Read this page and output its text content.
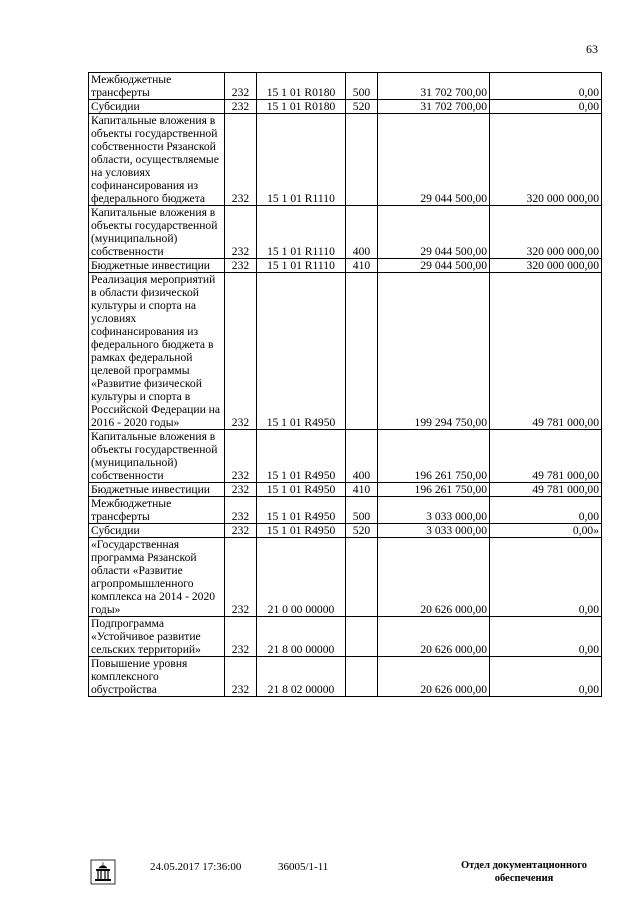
63
Межбюджетные трансферты	232	15 1 01 R0180	500	31 702 700,00	0,00
Субсидии	232	15 1 01 R0180	520	31 702 700,00	0,00
Капитальные вложения в объекты государственной собственности Рязанской области, осуществляемые на условиях софинансирования из федерального бюджета	232	15 1 01 R1110		29 044 500,00	320 000 000,00
Капитальные вложения в объекты государственной (муниципальной) собственности	232	15 1 01 R1110	400	29 044 500,00	320 000 000,00
Бюджетные инвестиции	232	15 1 01 R1110	410	29 044 500,00	320 000 000,00
Реализация мероприятий в области физической культуры и спорта на условиях софинансирования из федерального бюджета в рамках федеральной целевой программы «Развитие физической культуры и спорта в Российской Федерации на 2016 - 2020 годы»	232	15 1 01 R4950		199 294 750,00	49 781 000,00
Капитальные вложения в объекты государственной (муниципальной) собственности	232	15 1 01 R4950	400	196 261 750,00	49 781 000,00
Бюджетные инвестиции	232	15 1 01 R4950	410	196 261 750,00	49 781 000,00
Межбюджетные трансферты	232	15 1 01 R4950	500	3 033 000,00	0,00
Субсидии	232	15 1 01 R4950	520	3 033 000,00	0,00»
«Государственная программа Рязанской области «Развитие агропромышленного комплекса на 2014 - 2020 годы»	232	21 0 00 00000		20 626 000,00	0,00
Подпрограмма «Устойчивое развитие сельских территорий»	232	21 8 00 00000		20 626 000,00	0,00
Повышение уровня комплексного обустройства	232	21 8 02 00000		20 626 000,00	0,00
24.05.2017 17:36:00	36005/1-11	Отдел документационного обеспечения
